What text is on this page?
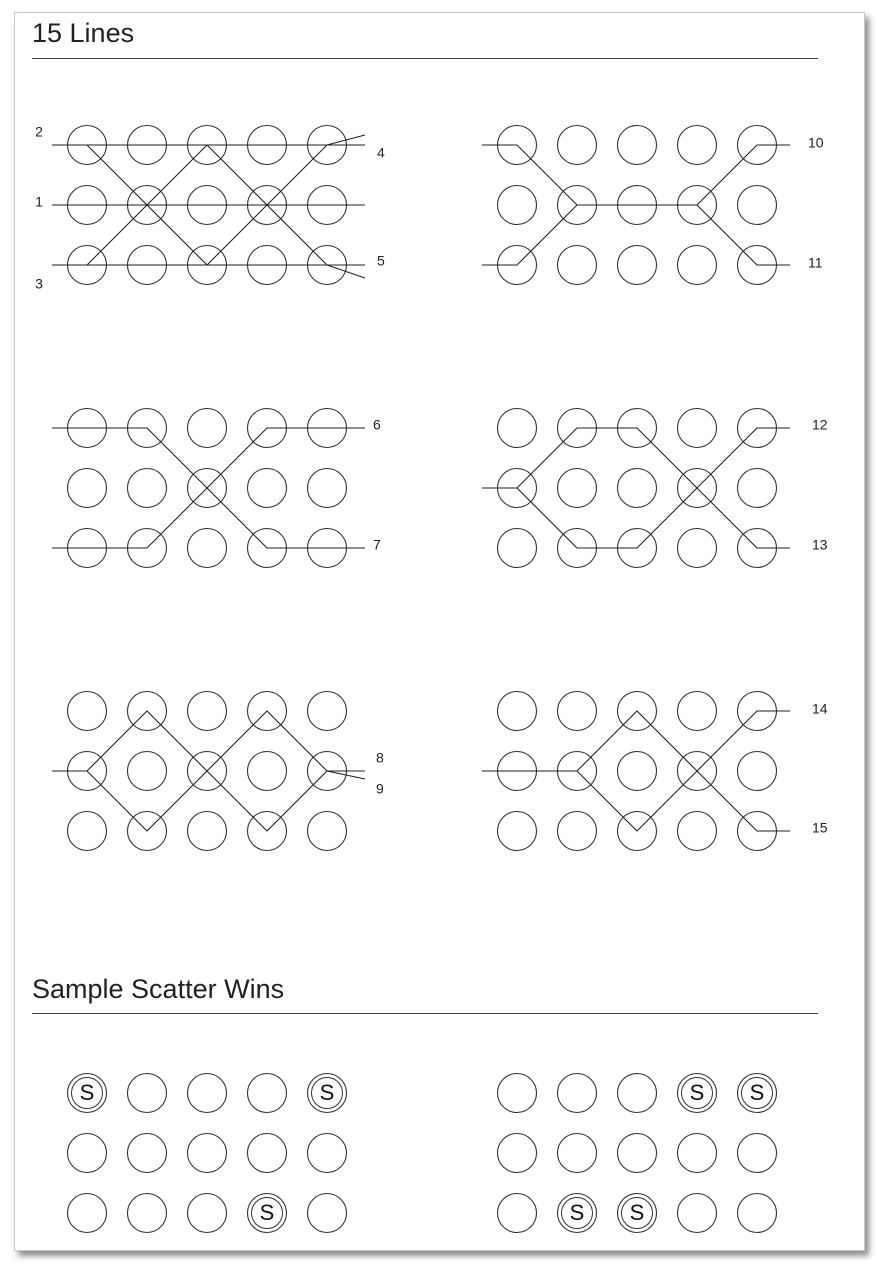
15 Lines
Sample Scatter Wins
1
2
3
4
5
10
11
6
7
12
13
8
9
14
15
S	S
S
S S
S S
